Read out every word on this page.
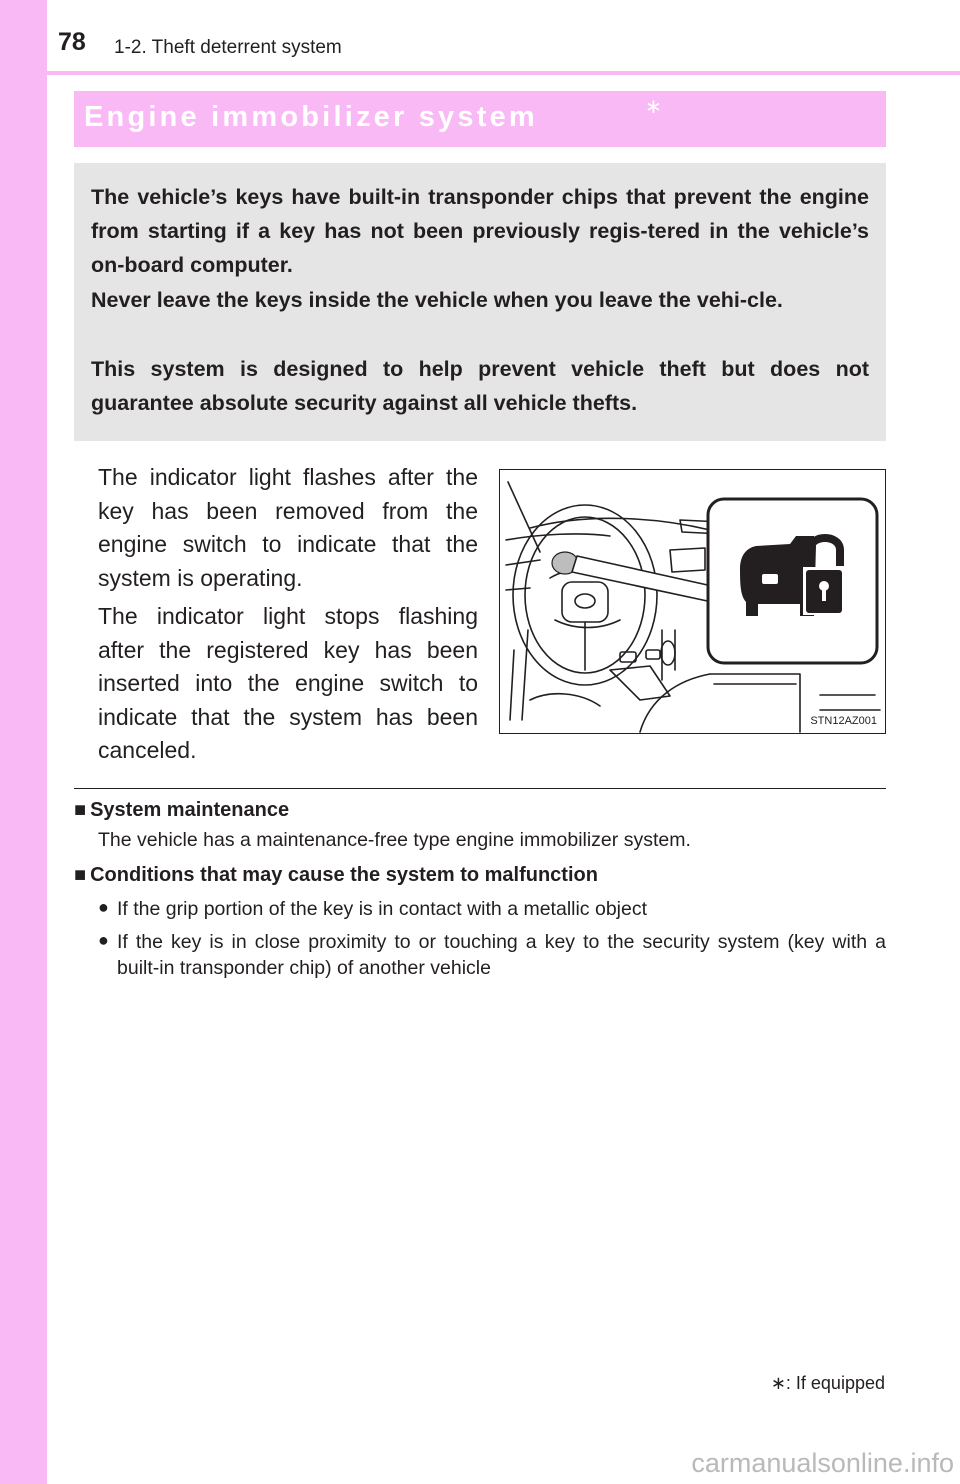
78 1-2. Theft deterrent system
Engine immobilizer system	∗

The vehicle’s keys have built-in transponder chips that prevent the engine from starting if a key has not been previously regis-tered in the vehicle’s on-board computer.

Never leave the keys inside the vehicle when you leave the vehi-cle.

This system is designed to help prevent vehicle theft but does not guarantee absolute security against all vehicle thefts.

The indicator light flashes after the key has been removed from the engine switch to indicate that the system is operating.

The indicator light stops flashing after the registered key has been inserted into the engine switch to indicate that the system has been canceled.

STN12AZ001
■ System maintenance
The vehicle has a maintenance-free type engine immobilizer system.
■ Conditions that may cause the system to malfunction
● If the grip portion of the key is in contact with a metallic object

● If the key is in close proximity to or touching a key to the security system (key with a built-in transponder chip) of another vehicle

∗: If equipped
carmanualsonline.info
